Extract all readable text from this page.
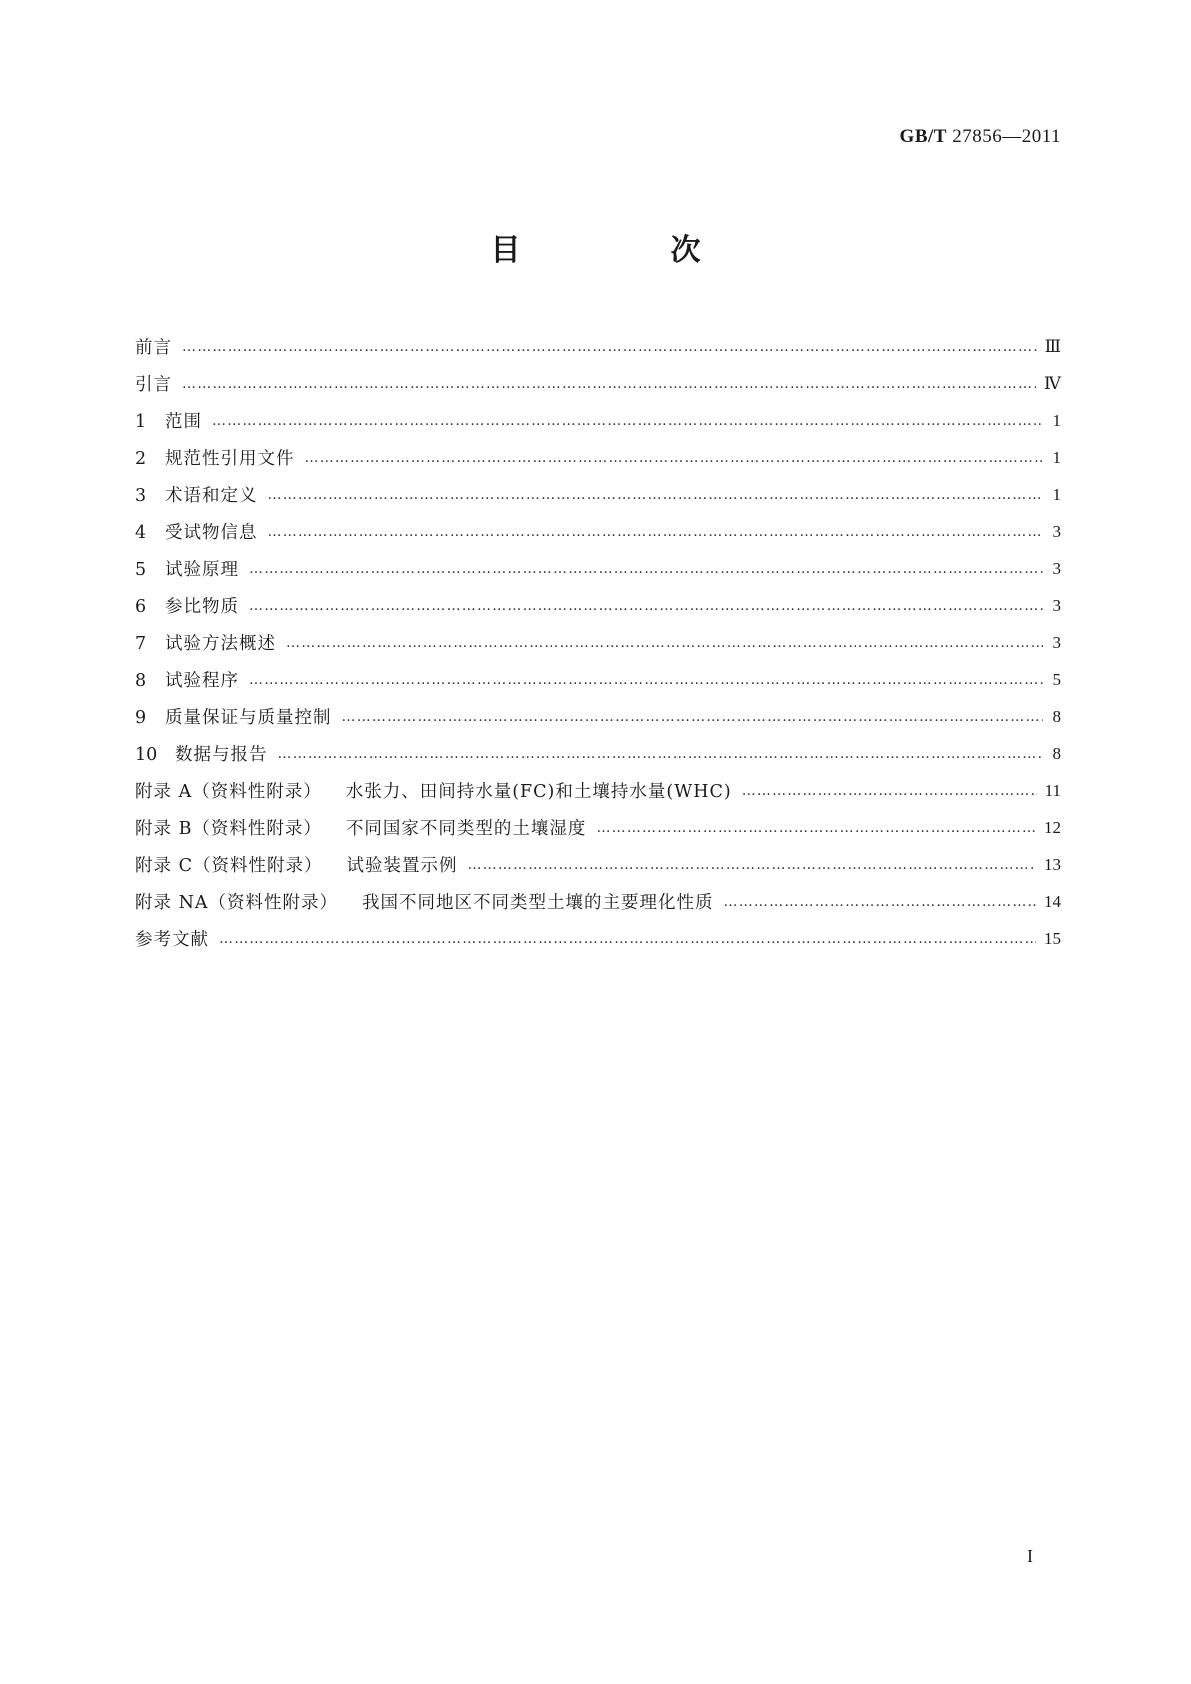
GB/T 27856—2011
目　次
前言 ………………………………………………………………………………………………………………………………………………………………………………………………………………………………………	Ⅲ
引言 ………………………………………………………………………………………………………………………………………………………………………………………………………………………………………	Ⅳ
1 范围 ………………………………………………………………………………………………………………………………………………………………………………………………………………………………………	1
2 规范性引用文件 ………………………………………………………………………………………………………………………………………………………………………………………………………………………………………	1
3 术语和定义 ………………………………………………………………………………………………………………………………………………………………………………………………………………………………………	1
4 受试物信息 ………………………………………………………………………………………………………………………………………………………………………………………………………………………………………	3
5 试验原理 ………………………………………………………………………………………………………………………………………………………………………………………………………………………………………	3
6 参比物质 ………………………………………………………………………………………………………………………………………………………………………………………………………………………………………	3
7 试验方法概述 ………………………………………………………………………………………………………………………………………………………………………………………………………………………………………	3
8 试验程序 ………………………………………………………………………………………………………………………………………………………………………………………………………………………………………	5
9 质量保证与质量控制 ………………………………………………………………………………………………………………………………………………………………………………………………………………………………………	8
10 数据与报告 ………………………………………………………………………………………………………………………………………………………………………………………………………………………………………	8
附录 A（资料性附录） 水张力、田间持水量(FC)和土壤持水量(WHC) ………………………………………………………………………………………………………………………………………………………………………………………………………………………………………	11
附录 B（资料性附录） 不同国家不同类型的土壤湿度 ………………………………………………………………………………………………………………………………………………………………………………………………………………………………………	12
附录 C（资料性附录） 试验装置示例 ………………………………………………………………………………………………………………………………………………………………………………………………………………………………………	13
附录 NA（资料性附录） 我国不同地区不同类型土壤的主要理化性质 ………………………………………………………………………………………………………………………………………………………………………………………………………………………………………	14
参考文献 ………………………………………………………………………………………………………………………………………………………………………………………………………………………………………	15
I
